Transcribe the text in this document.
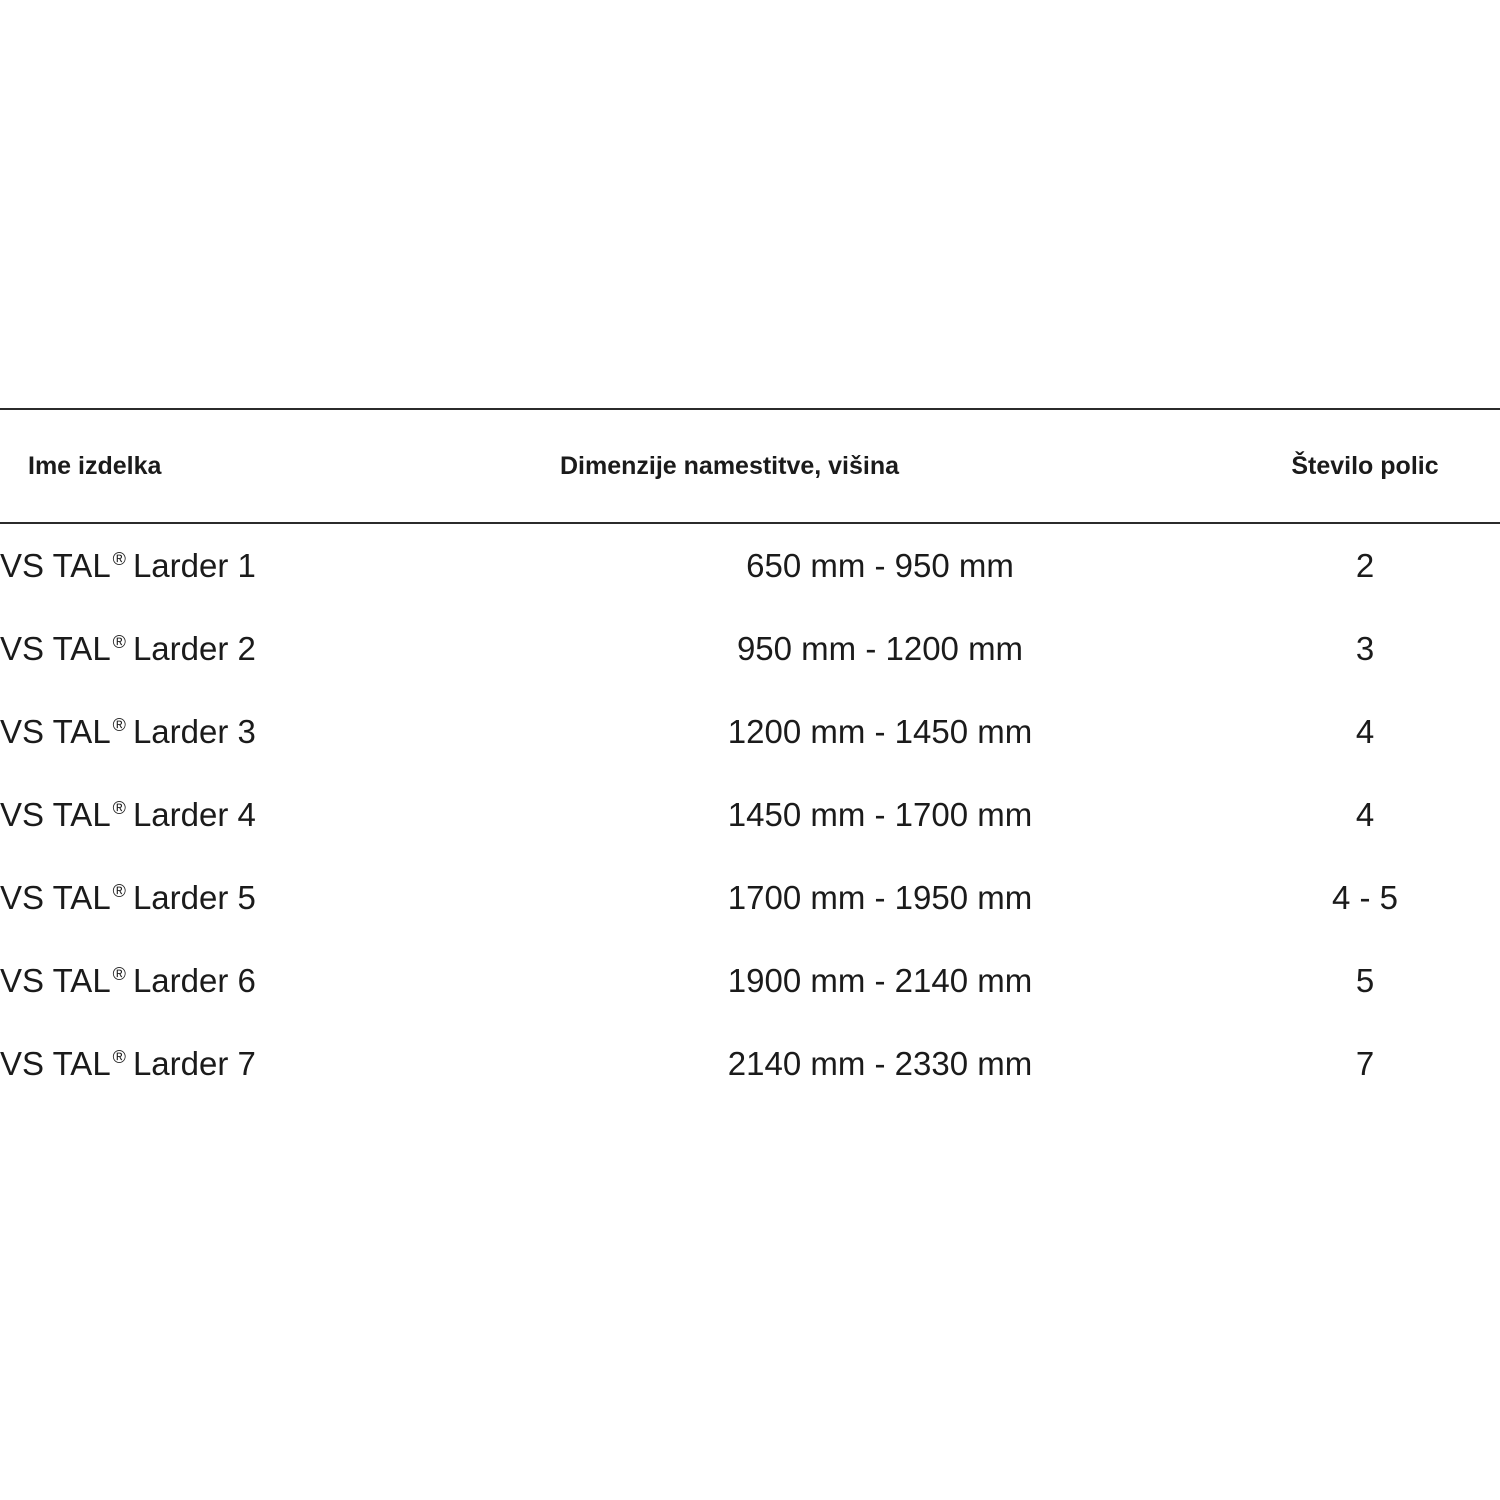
Ime izdelka	Dimenzije namestitve, višina	Število polic
VS TAL ® Larder 1	650 mm - 950 mm	2
VS TAL ® Larder 2	950 mm - 1200 mm	3
VS TAL ® Larder 3	1200 mm - 1450 mm	4
VS TAL ® Larder 4	1450 mm - 1700 mm	4
VS TAL ® Larder 5	1700 mm - 1950 mm	4 - 5
VS TAL ® Larder 6	1900 mm - 2140 mm	5
VS TAL ® Larder 7	2140 mm - 2330 mm	7
